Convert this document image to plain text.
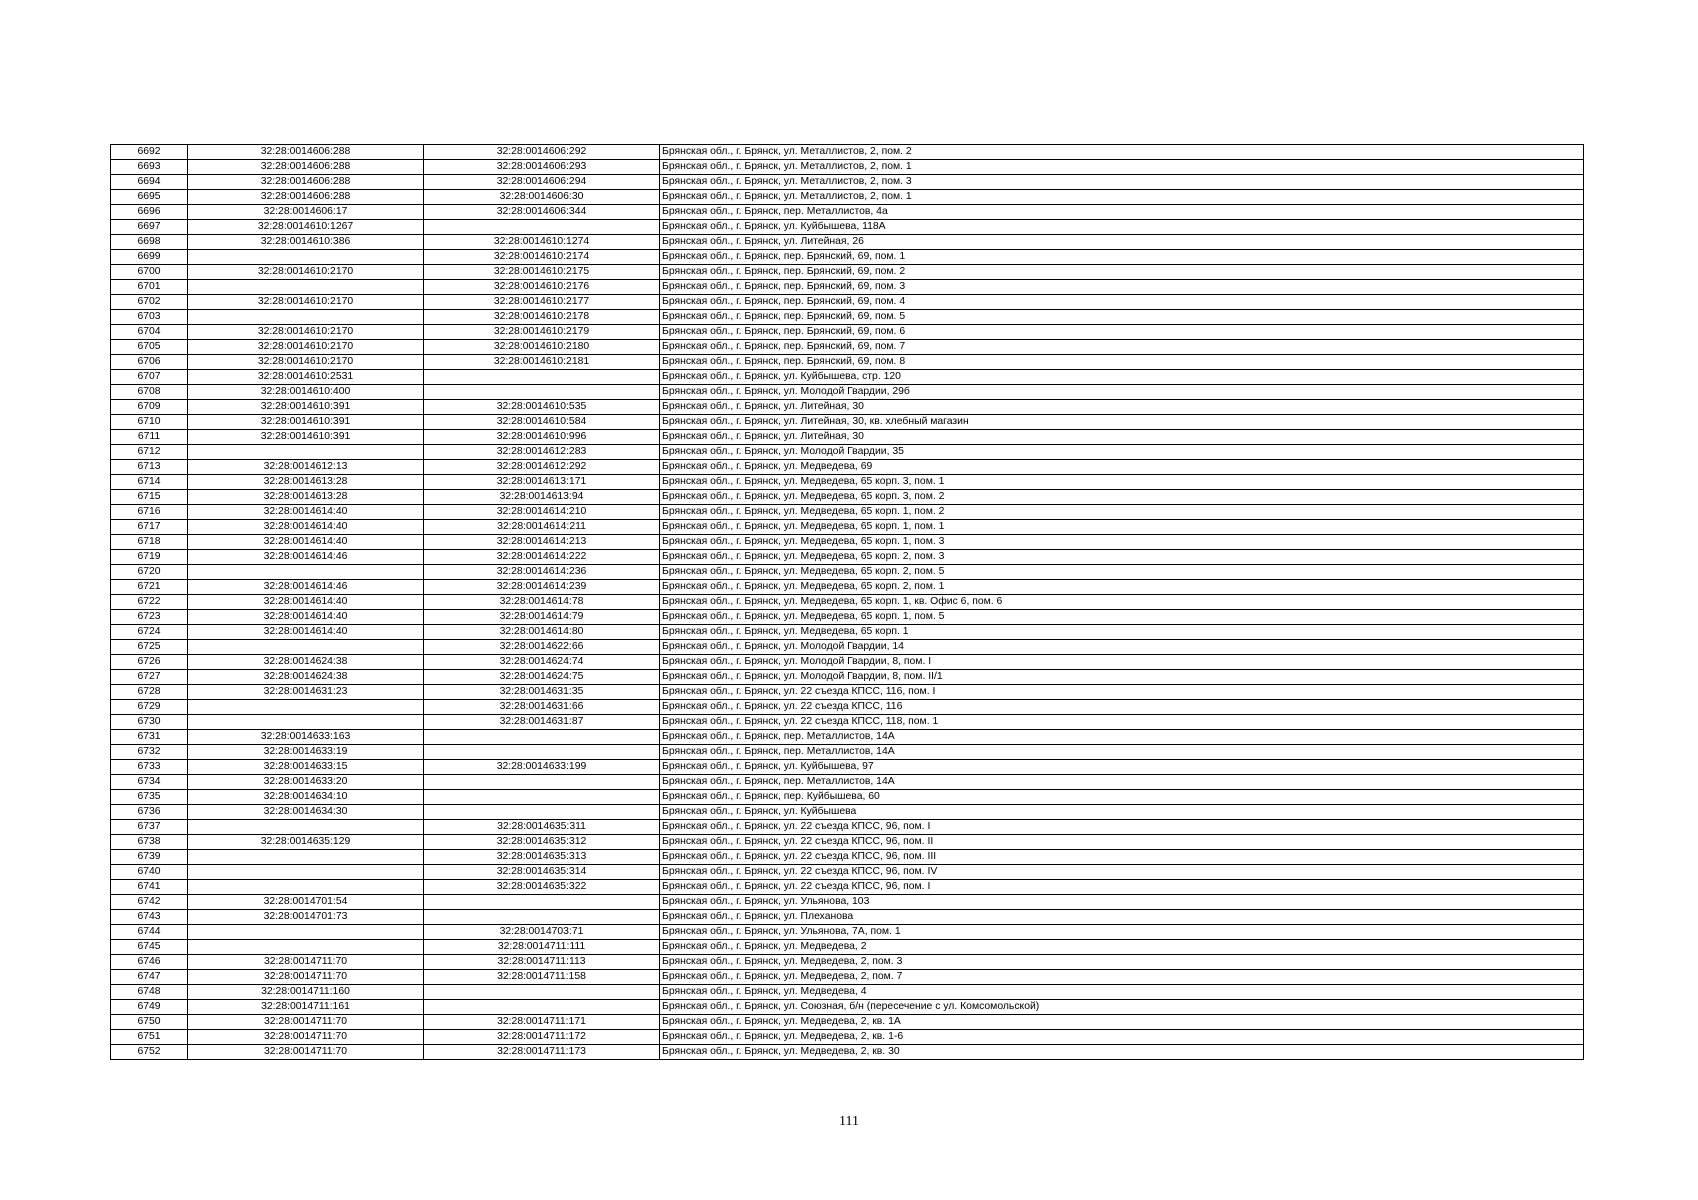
6692	32:28:0014606:288	32:28:0014606:292	Брянская обл., г. Брянск, ул. Металлистов, 2, пом. 2
6693	32:28:0014606:288	32:28:0014606:293	Брянская обл., г. Брянск, ул. Металлистов, 2, пом. 1
6694	32:28:0014606:288	32:28:0014606:294	Брянская обл., г. Брянск, ул. Металлистов, 2, пом. 3
6695	32:28:0014606:288	32:28:0014606:30	Брянская обл., г. Брянск, ул. Металлистов, 2, пом. 1
6696	32:28:0014606:17	32:28:0014606:344	Брянская обл., г. Брянск, пер. Металлистов, 4а
6697	32:28:0014610:1267		Брянская обл., г. Брянск, ул. Куйбышева, 118А
6698	32:28:0014610:386	32:28:0014610:1274	Брянская обл., г. Брянск, ул. Литейная, 26
6699		32:28:0014610:2174	Брянская обл., г. Брянск, пер. Брянский, 69, пом. 1
6700	32:28:0014610:2170	32:28:0014610:2175	Брянская обл., г. Брянск, пер. Брянский, 69, пом. 2
6701		32:28:0014610:2176	Брянская обл., г. Брянск, пер. Брянский, 69, пом. 3
6702	32:28:0014610:2170	32:28:0014610:2177	Брянская обл., г. Брянск, пер. Брянский, 69, пом. 4
6703		32:28:0014610:2178	Брянская обл., г. Брянск, пер. Брянский, 69, пом. 5
6704	32:28:0014610:2170	32:28:0014610:2179	Брянская обл., г. Брянск, пер. Брянский, 69, пом. 6
6705	32:28:0014610:2170	32:28:0014610:2180	Брянская обл., г. Брянск, пер. Брянский, 69, пом. 7
6706	32:28:0014610:2170	32:28:0014610:2181	Брянская обл., г. Брянск, пер. Брянский, 69, пом. 8
6707	32:28:0014610:2531		Брянская обл., г. Брянск, ул. Куйбышева, стр. 120
6708	32:28:0014610:400		Брянская обл., г. Брянск, ул. Молодой Гвардии, 29б
6709	32:28:0014610:391	32:28:0014610:535	Брянская обл., г. Брянск, ул. Литейная, 30
6710	32:28:0014610:391	32:28:0014610:584	Брянская обл., г. Брянск, ул. Литейная, 30, кв. хлебный магазин
6711	32:28:0014610:391	32:28:0014610:996	Брянская обл., г. Брянск, ул. Литейная, 30
6712		32:28:0014612:283	Брянская обл., г. Брянск, ул. Молодой Гвардии, 35
6713	32:28:0014612:13	32:28:0014612:292	Брянская обл., г. Брянск, ул. Медведева, 69
6714	32:28:0014613:28	32:28:0014613:171	Брянская обл., г. Брянск, ул. Медведева, 65 корп. 3, пом. 1
6715	32:28:0014613:28	32:28:0014613:94	Брянская обл., г. Брянск, ул. Медведева, 65 корп. 3, пом. 2
6716	32:28:0014614:40	32:28:0014614:210	Брянская обл., г. Брянск, ул. Медведева, 65 корп. 1, пом. 2
6717	32:28:0014614:40	32:28:0014614:211	Брянская обл., г. Брянск, ул. Медведева, 65 корп. 1, пом. 1
6718	32:28:0014614:40	32:28:0014614:213	Брянская обл., г. Брянск, ул. Медведева, 65 корп. 1, пом. 3
6719	32:28:0014614:46	32:28:0014614:222	Брянская обл., г. Брянск, ул. Медведева, 65 корп. 2, пом. 3
6720		32:28:0014614:236	Брянская обл., г. Брянск, ул. Медведева, 65 корп. 2, пом. 5
6721	32:28:0014614:46	32:28:0014614:239	Брянская обл., г. Брянск, ул. Медведева, 65 корп. 2, пом. 1
6722	32:28:0014614:40	32:28:0014614:78	Брянская обл., г. Брянск, ул. Медведева, 65 корп. 1, кв. Офис 6, пом. 6
6723	32:28:0014614:40	32:28:0014614:79	Брянская обл., г. Брянск, ул. Медведева, 65 корп. 1, пом. 5
6724	32:28:0014614:40	32:28:0014614:80	Брянская обл., г. Брянск, ул. Медведева, 65 корп. 1
6725		32:28:0014622:66	Брянская обл., г. Брянск, ул. Молодой Гвардии, 14
6726	32:28:0014624:38	32:28:0014624:74	Брянская обл., г. Брянск, ул. Молодой Гвардии, 8, пом. I
6727	32:28:0014624:38	32:28:0014624:75	Брянская обл., г. Брянск, ул. Молодой Гвардии, 8, пом. II/1
6728	32:28:0014631:23	32:28:0014631:35	Брянская обл., г. Брянск, ул. 22 съезда КПСС, 116, пом. I
6729		32:28:0014631:66	Брянская обл., г. Брянск, ул. 22 съезда КПСС, 116
6730		32:28:0014631:87	Брянская обл., г. Брянск, ул. 22 съезда КПСС, 118, пом. 1
6731	32:28:0014633:163		Брянская обл., г. Брянск, пер. Металлистов, 14А
6732	32:28:0014633:19		Брянская обл., г. Брянск, пер. Металлистов, 14А
6733	32:28:0014633:15	32:28:0014633:199	Брянская обл., г. Брянск, ул. Куйбышева, 97
6734	32:28:0014633:20		Брянская обл., г. Брянск, пер. Металлистов, 14А
6735	32:28:0014634:10		Брянская обл., г. Брянск, пер. Куйбышева, 60
6736	32:28:0014634:30		Брянская обл., г. Брянск, ул. Куйбышева
6737		32:28:0014635:311	Брянская обл., г. Брянск, ул. 22 съезда КПСС, 96, пом. I
6738	32:28:0014635:129	32:28:0014635:312	Брянская обл., г. Брянск, ул. 22 съезда КПСС, 96, пом. II
6739		32:28:0014635:313	Брянская обл., г. Брянск, ул. 22 съезда КПСС, 96, пом. III
6740		32:28:0014635:314	Брянская обл., г. Брянск, ул. 22 съезда КПСС, 96, пом. IV
6741		32:28:0014635:322	Брянская обл., г. Брянск, ул. 22 съезда КПСС, 96, пом. I
6742	32:28:0014701:54		Брянская обл., г. Брянск, ул. Ульянова, 103
6743	32:28:0014701:73		Брянская обл., г. Брянск, ул. Плеханова
6744		32:28:0014703:71	Брянская обл., г. Брянск, ул. Ульянова, 7А, пом. 1
6745		32:28:0014711:111	Брянская обл., г. Брянск, ул. Медведева, 2
6746	32:28:0014711:70	32:28:0014711:113	Брянская обл., г. Брянск, ул. Медведева, 2, пом. 3
6747	32:28:0014711:70	32:28:0014711:158	Брянская обл., г. Брянск, ул. Медведева, 2, пом. 7
6748	32:28:0014711:160		Брянская обл., г. Брянск, ул. Медведева, 4
6749	32:28:0014711:161		Брянская обл., г. Брянск, ул. Союзная, б/н (пересечение с ул. Комсомольской)
6750	32:28:0014711:70	32:28:0014711:171	Брянская обл., г. Брянск, ул. Медведева, 2, кв. 1А
6751	32:28:0014711:70	32:28:0014711:172	Брянская обл., г. Брянск, ул. Медведева, 2, кв. 1-6
6752	32:28:0014711:70	32:28:0014711:173	Брянская обл., г. Брянск, ул. Медведева, 2, кв. 30
111
